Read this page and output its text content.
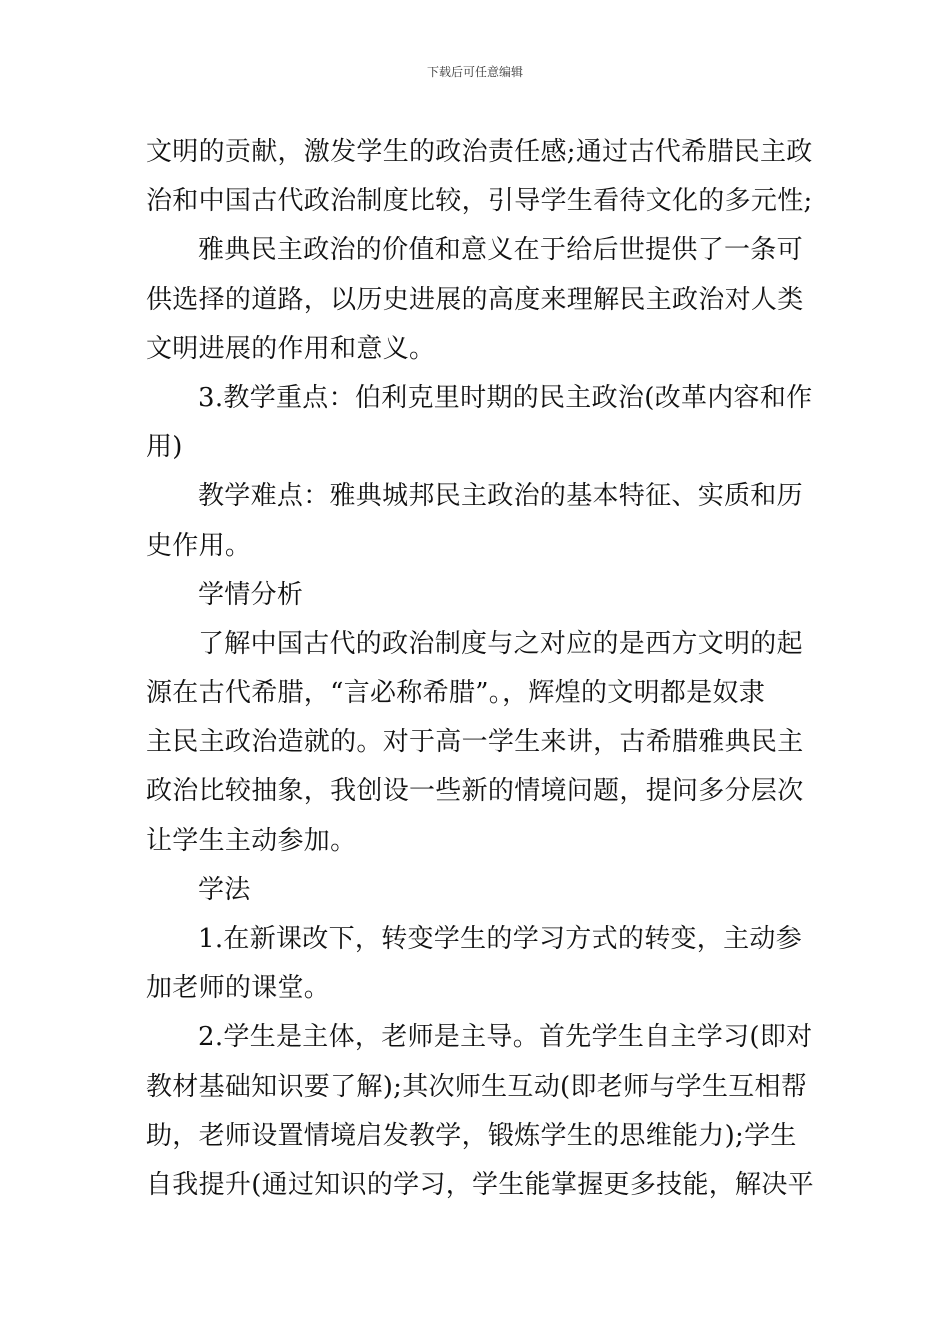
下载后可任意编辑
文明的贡献，激发学生的政治责任感;通过古代希腊民主政
治和中国古代政治制度比较，引导学生看待文化的多元性;
雅典民主政治的价值和意义在于给后世提供了一条可
供选择的道路，以历史进展的高度来理解民主政治对人类
文明进展的作用和意义。
3.教学重点：伯利克里时期的民主政治(改革内容和作
用)
教学难点：雅典城邦民主政治的基本特征、实质和历
史作用。
学情分析
了解中国古代的政治制度与之对应的是西方文明的起
源在古代希腊，“言必称希腊”。，辉煌的文明都是奴隶
主民主政治造就的。对于高一学生来讲，古希腊雅典民主
政治比较抽象，我创设一些新的情境问题，提问多分层次
让学生主动参加。
学法
1.在新课改下，转变学生的学习方式的转变，主动参
加老师的课堂。
2.学生是主体，老师是主导。首先学生自主学习(即对
教材基础知识要了解);其次师生互动(即老师与学生互相帮
助，老师设置情境启发教学，锻炼学生的思维能力);学生
自我提升(通过知识的学习，学生能掌握更多技能，解决平
